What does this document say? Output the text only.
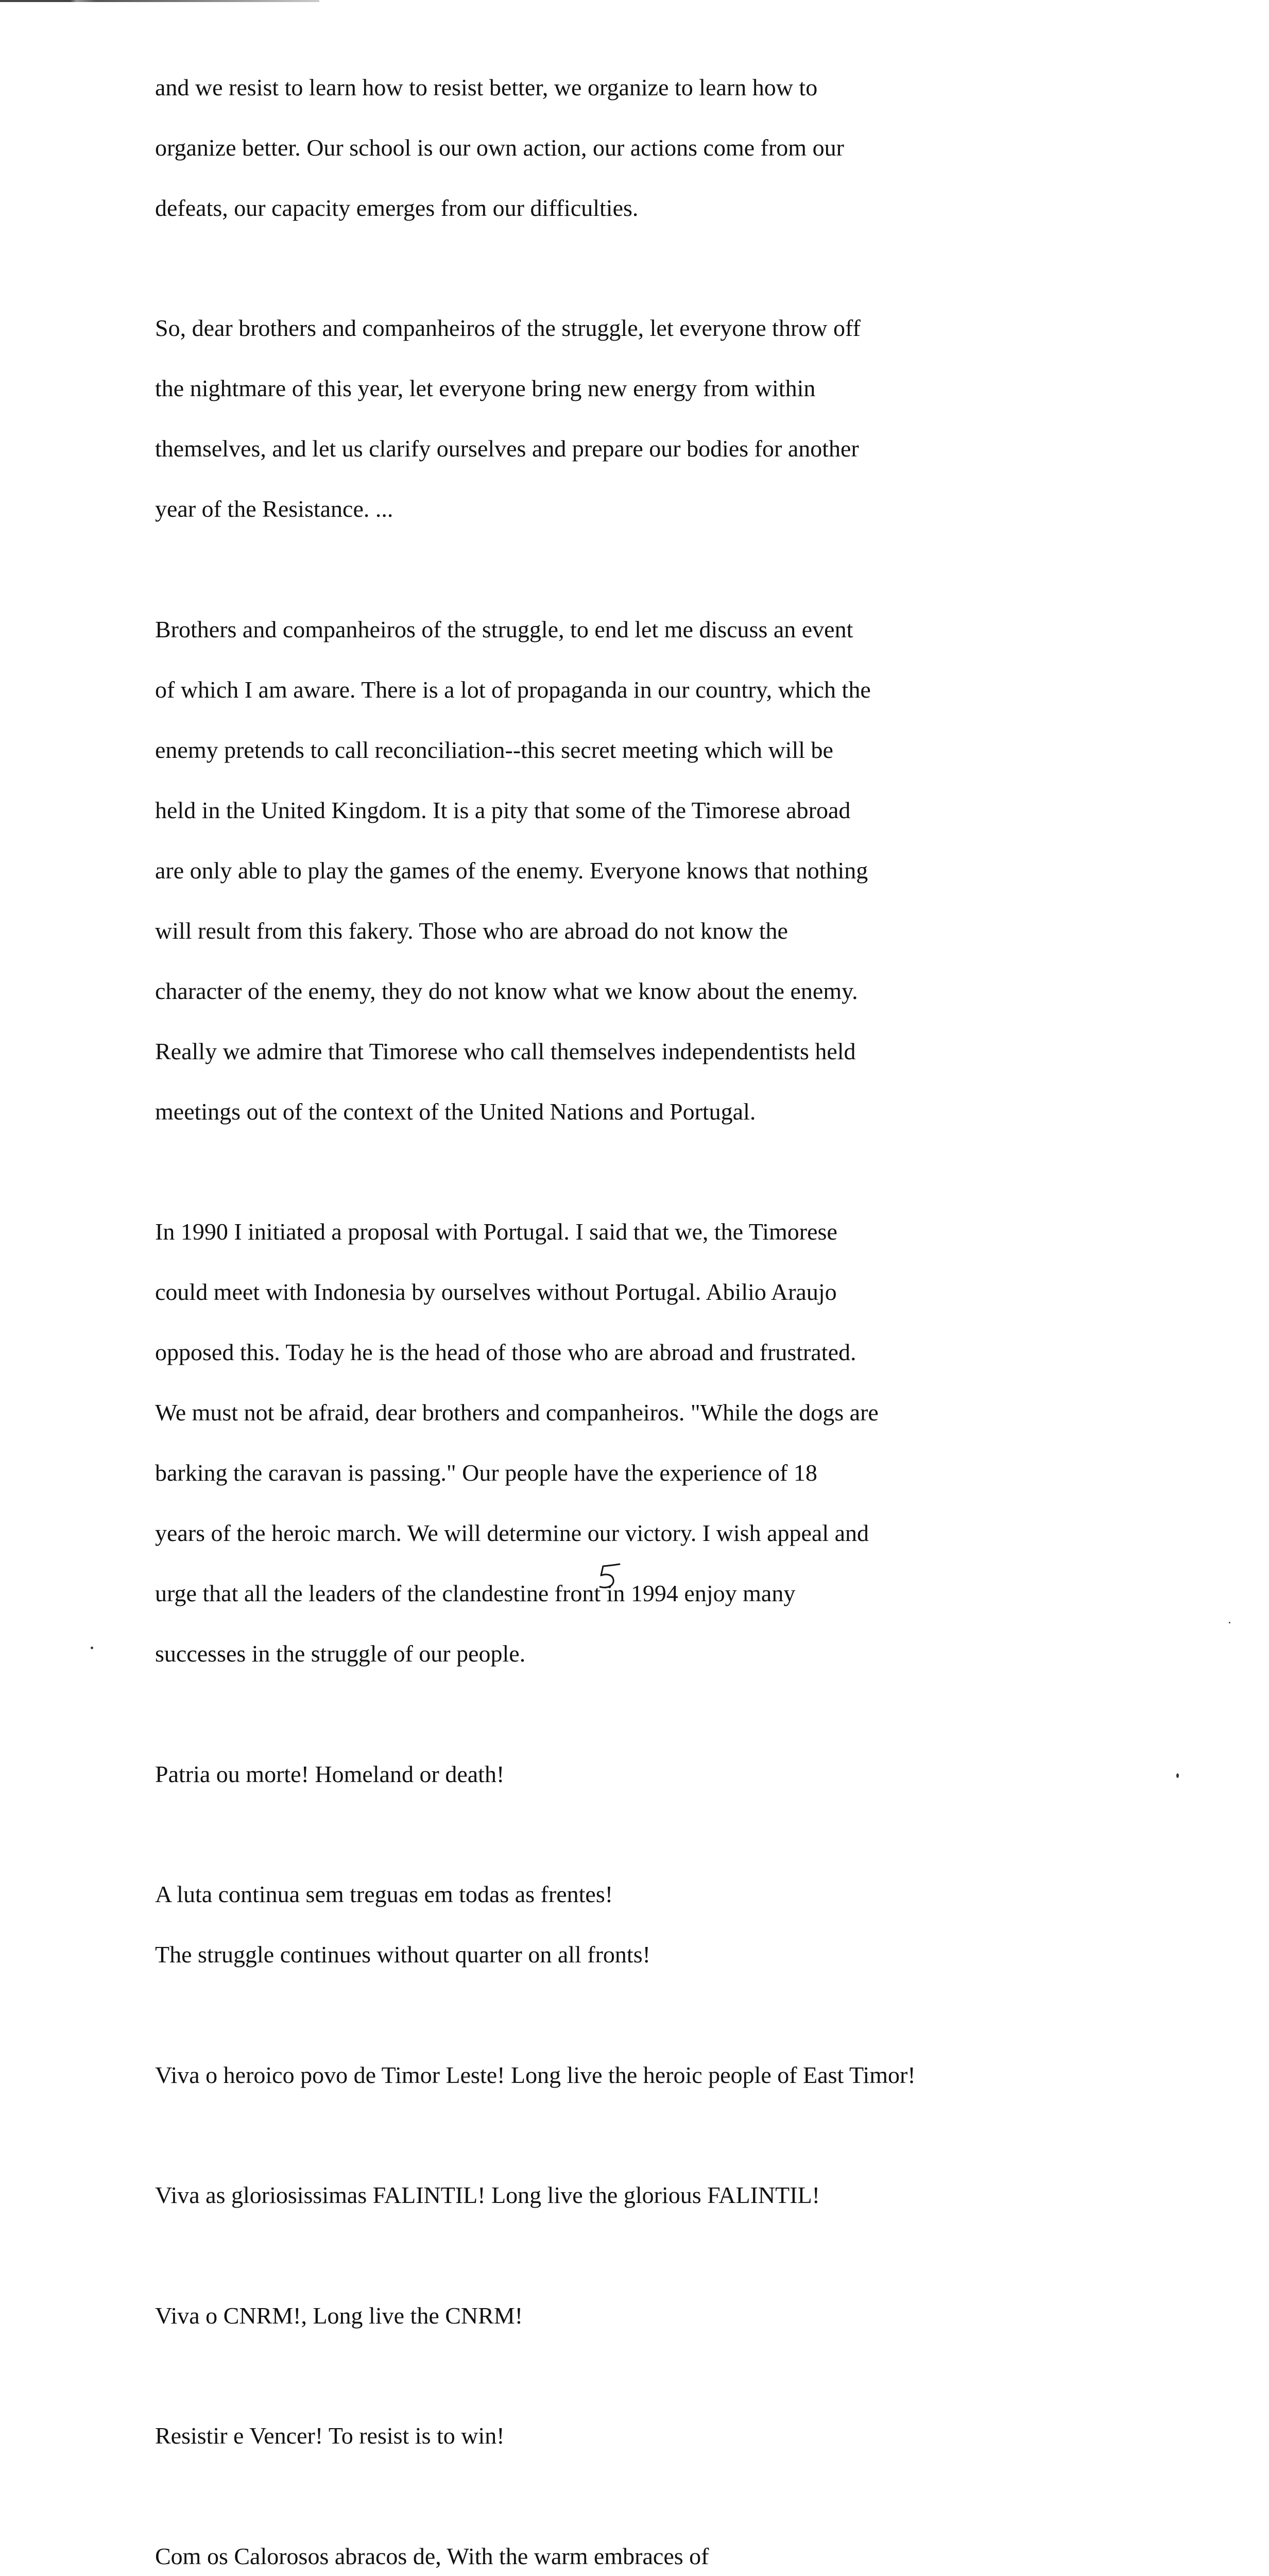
and we resist to learn how to resist better, we organize to learn how to

organize better. Our school is our own action, our actions come from our

defeats, our capacity emerges from our difficulties.

So, dear brothers and companheiros of the struggle, let everyone throw off

the nightmare of this year, let everyone bring new energy from within

themselves, and let us clarify ourselves and prepare our bodies for another

year of the Resistance. ...

Brothers and companheiros of the struggle, to end let me discuss an event

of which I am aware. There is a lot of propaganda in our country, which the

enemy pretends to call reconciliation--this secret meeting which will be

held in the United Kingdom. It is a pity that some of the Timorese abroad

are only able to play the games of the enemy. Everyone knows that nothing

will result from this fakery. Those who are abroad do not know the

character of the enemy, they do not know what we know about the enemy.

Really we admire that Timorese who call themselves independentists held

meetings out of the context of the United Nations and Portugal.

In 1990 I initiated a proposal with Portugal. I said that we, the Timorese

could meet with Indonesia by ourselves without Portugal. Abilio Araujo

opposed this. Today he is the head of those who are abroad and frustrated.

We must not be afraid, dear brothers and companheiros. "While the dogs are

barking the caravan is passing." Our people have the experience of 18

years of the heroic march. We will determine our victory. I wish appeal and

urge that all the leaders of the clandestine front in 1994 enjoy many

successes in the struggle of our people.

Patria ou morte! Homeland or death!

A luta continua sem treguas em todas as frentes!

The struggle continues without quarter on all fronts!

Viva o heroico povo de Timor Leste! Long live the heroic people of East Timor!

Viva as gloriosissimas FALINTIL! Long live the glorious FALINTIL!

Viva o CNRM!, Long live the CNRM!

Resistir e Vencer! To resist is to win!

Com os Calorosos abracos de, With the warm embraces of
